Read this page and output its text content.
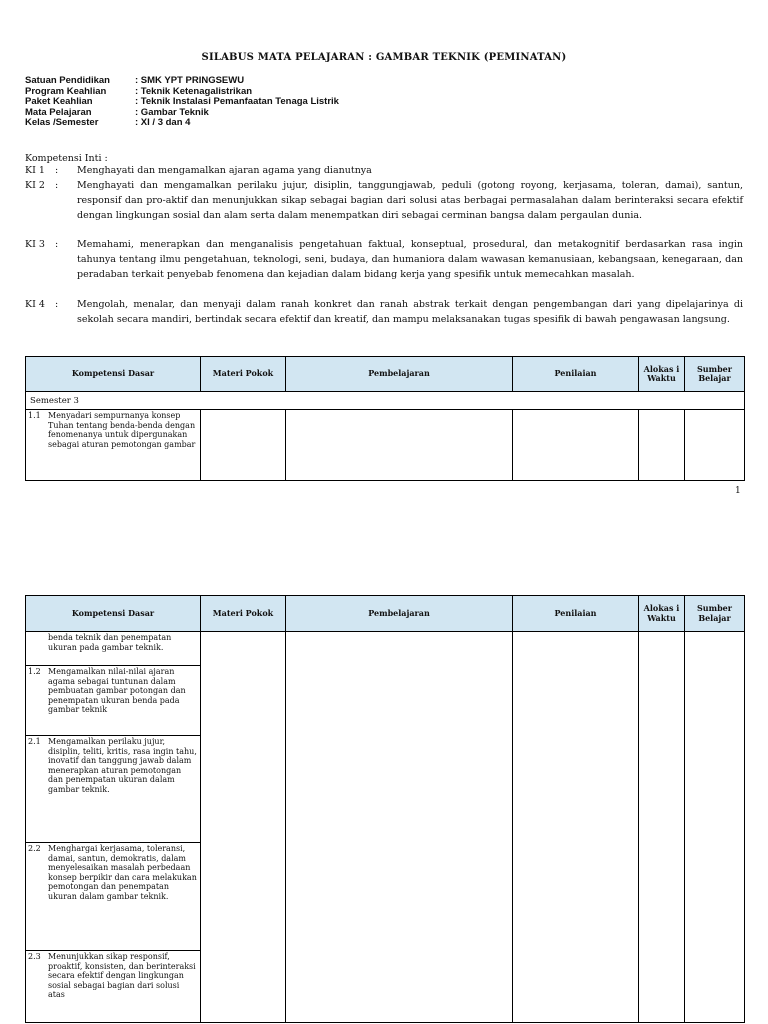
SILABUS MATA PELAJARAN : GAMBAR TEKNIK (PEMINATAN)
Satuan Pendidikan	: SMK YPT PRINGSEWU
Program Keahlian	: Teknik Ketenagalistrikan
Paket Keahlian	: Teknik Instalasi Pemanfaatan Tenaga Listrik
Mata Pelajaran	: Gambar Teknik
Kelas /Semester	: XI / 3 dan 4
Kompetensi Inti :
KI 1	:	Menghayati dan mengamalkan ajaran agama yang dianutnya
KI 2	:	Menghayati dan mengamalkan perilaku jujur, disiplin, tanggungjawab, peduli (gotong royong, kerjasama, toleran, damai), santun, responsif dan pro-aktif dan menunjukkan sikap sebagai bagian dari solusi atas berbagai permasalahan dalam berinteraksi secara efektif dengan lingkungan sosial dan alam serta dalam menempatkan diri sebagai cerminan bangsa dalam pergaulan dunia.
KI 3	:	Memahami, menerapkan dan menganalisis pengetahuan faktual, konseptual, prosedural, dan metakognitif berdasarkan rasa ingin tahunya tentang ilmu pengetahuan, teknologi, seni, budaya, dan humaniora dalam wawasan kemanusiaan, kebangsaan, kenegaraan, dan peradaban terkait penyebab fenomena dan kejadian dalam bidang kerja yang spesifik untuk memecahkan masalah.
KI 4	:	Mengolah, menalar, dan menyaji dalam ranah konkret dan ranah abstrak terkait dengan pengembangan dari yang dipelajarinya di sekolah secara mandiri, bertindak secara efektif dan kreatif, dan mampu melaksanakan tugas spesifik di bawah pengawasan langsung.
Kompetensi Dasar	Materi Pokok	Pembelajaran	Penilaian	Alokas i Waktu	Sumber Belajar
Semester 3					

1.1 Menyadari sempurnanya konsep Tuhan tentang benda-benda dengan fenomenanya untuk dipergunakan sebagai aturan pemotongan gambar					

1
Kompetensi Dasar	Materi Pokok	Pembelajaran	Penilaian	Alokas i Waktu	Sumber Belajar

benda teknik dan penempatan ukuran pada gambar teknik.					

1.2 Mengamalkan nilai-nilai ajaran agama sebagai tuntunan dalam pembuatan gambar potongan dan penempatan ukuran benda pada gambar teknik					

2.1 Mengamalkan perilaku jujur, disiplin, teliti, kritis, rasa ingin tahu, inovatif dan tanggung jawab dalam menerapkan aturan pemotongan dan penempatan ukuran dalam gambar teknik.					

2.2 Menghargai kerjasama, toleransi, damai, santun, demokratis, dalam menyelesaikan masalah perbedaan konsep berpikir dan cara melakukan pemotongan dan penempatan ukuran dalam gambar teknik.					

2.3 Menunjukkan sikap responsif, proaktif, konsisten, dan berinteraksi secara efektif dengan lingkungan sosial sebagai bagian dari solusi atas					
